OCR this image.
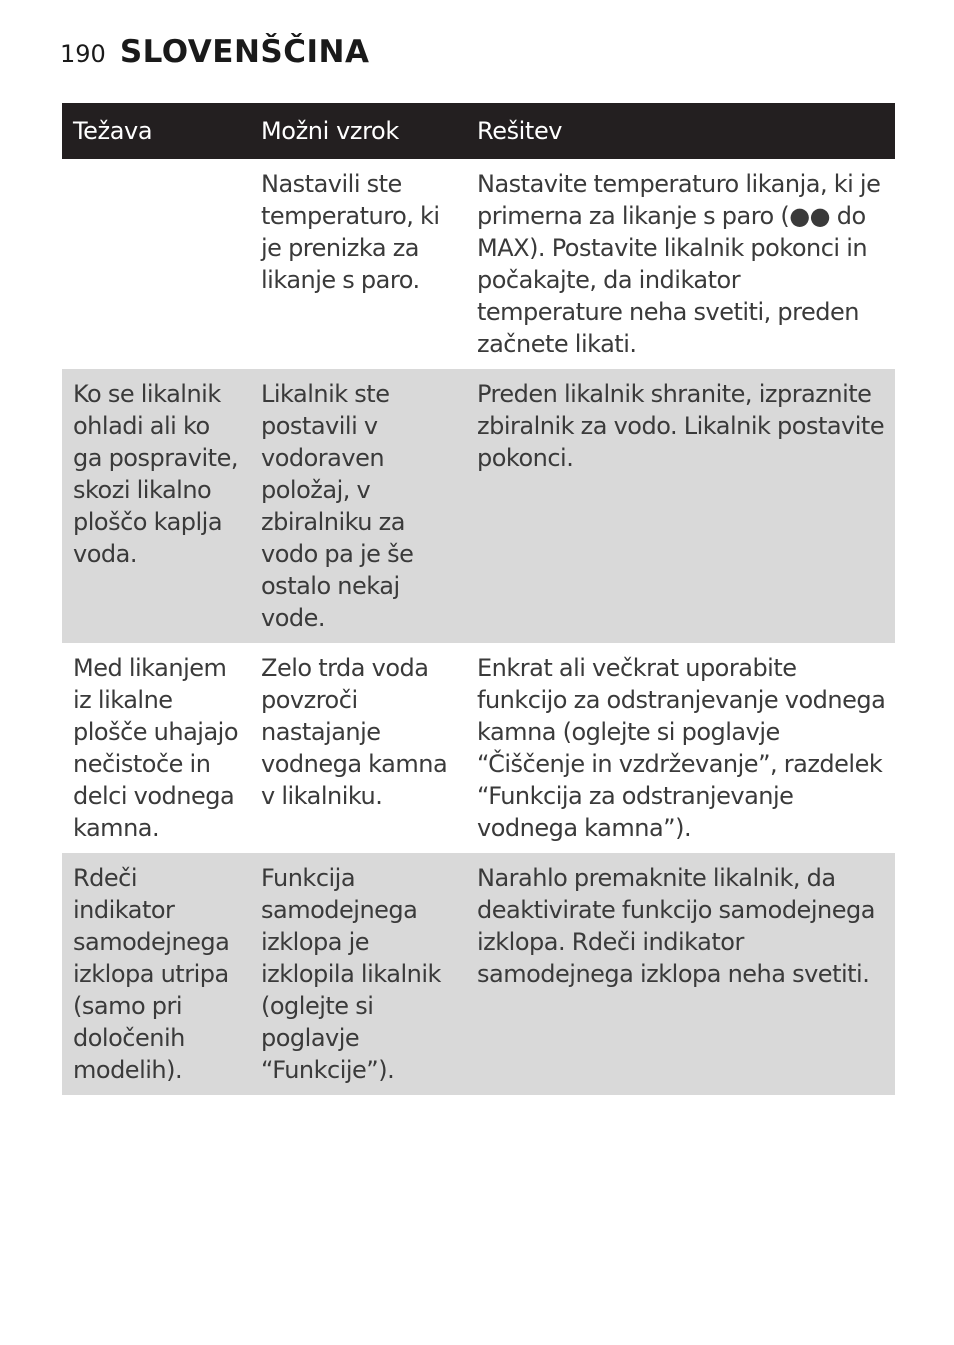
190 SLOVENŠČINA
Težava	Možni vzrok	Rešitev
	Nastavili ste temperaturo, ki je prenizka za likanje s paro.	Nastavite temperaturo likanja, ki je primerna za likanje s paro (●● do MAX). Postavite likalnik pokonci in počakajte, da indikator temperature neha svetiti, preden začnete likati.
Ko se likalnik ohladi ali ko ga pospravite, skozi likalno ploščo kaplja voda.	Likalnik ste postavili v vodoraven položaj, v zbiralniku za vodo pa je še ostalo nekaj vode.	Preden likalnik shranite, izpraznite zbiralnik za vodo. Likalnik postavite pokonci.
Med likanjem iz likalne plošče uhajajo nečistoče in delci vodnega kamna.	Zelo trda voda povzroči nastajanje vodnega kamna v likalniku.	Enkrat ali večkrat uporabite funkcijo za odstranjevanje vodnega kamna (oglejte si poglavje “Čiščenje in vzdrževanje”, razdelek “Funkcija za odstranjevanje vodnega kamna”).
Rdeči indikator samodejnega izklopa utripa (samo pri določenih modelih).	Funkcija samodejnega izklopa je izklopila likalnik (oglejte si poglavje “Funkcije”).	Narahlo premaknite likalnik, da deaktivirate funkcijo samodejnega izklopa. Rdeči indikator samodejnega izklopa neha svetiti.
